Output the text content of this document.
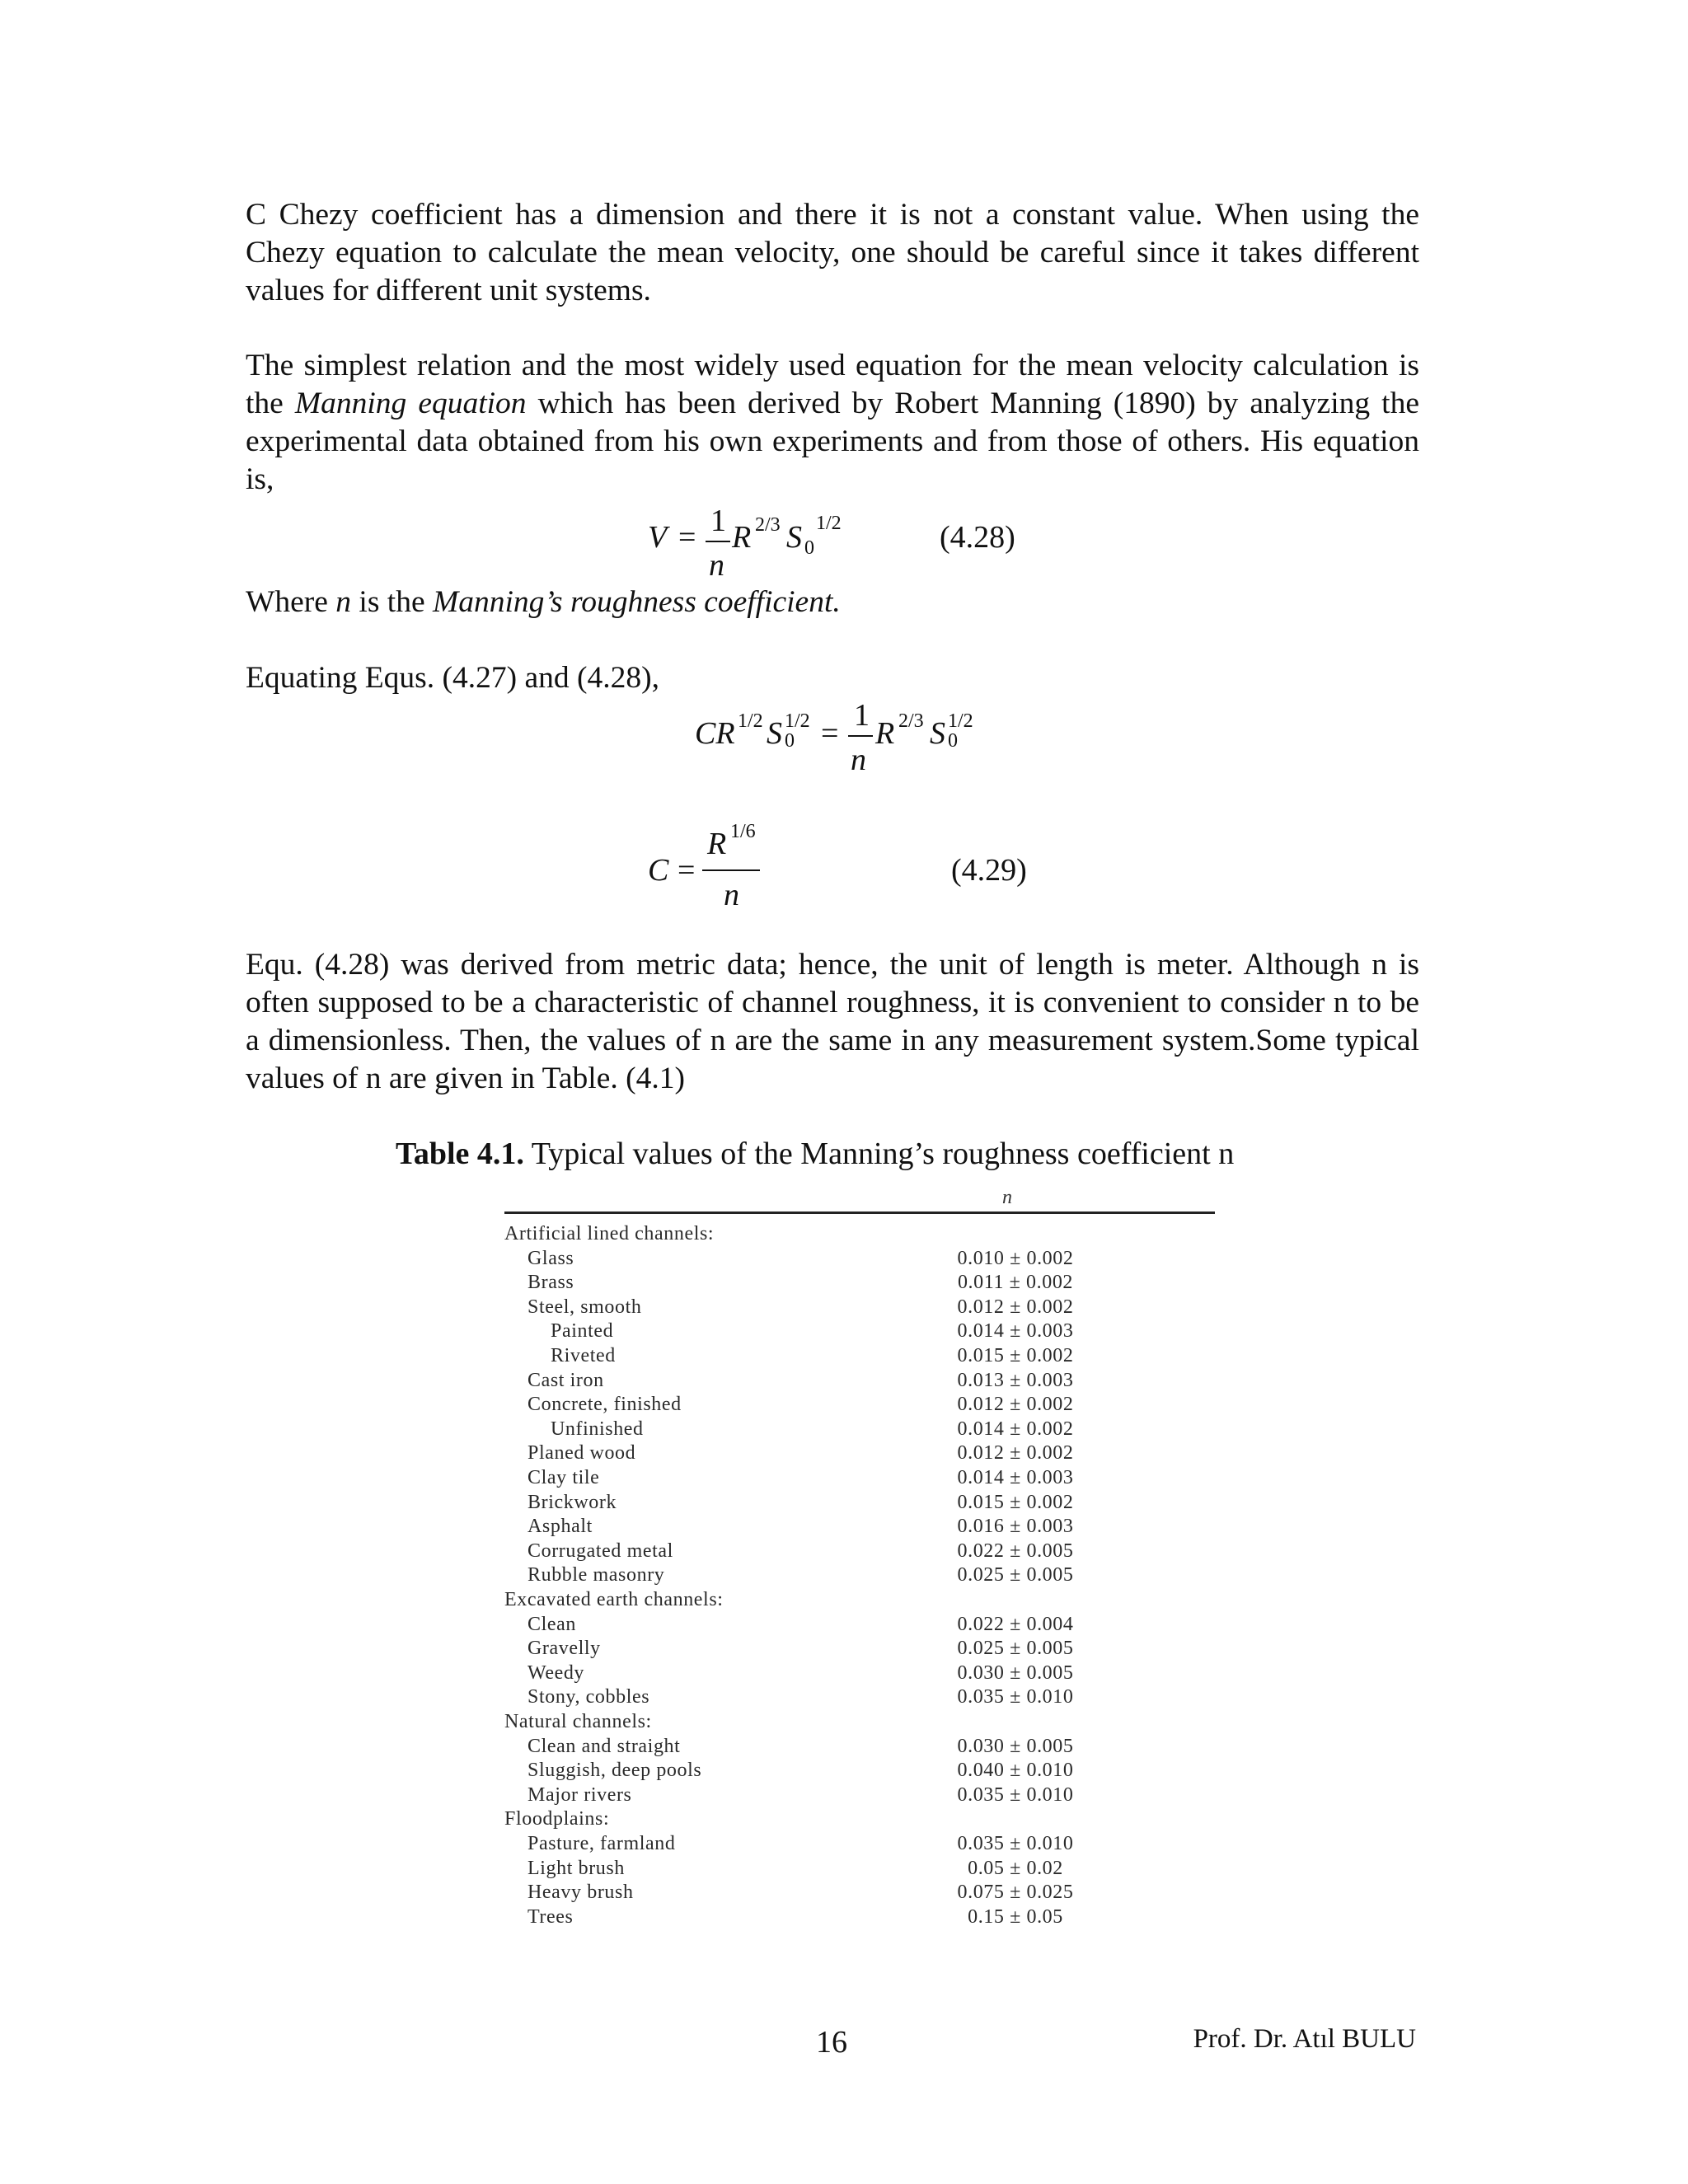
C Chezy coefficient has a dimension and there it is not a constant value. When using the Chezy equation to calculate the mean velocity, one should be careful since it takes different values for different unit systems.

The simplest relation and the most widely used equation for the mean velocity calculation is the Manning equation which has been derived by Robert Manning (1890) by analyzing the experimental data obtained from his own experiments and from those of others. His equation is,

V = 1
n
R 2/3 S 0
1/2	(4.28)

Where n is the Manning’s roughness coefficient.

Equating Equs. (4.27) and (4.28),

CR 1/2 S 1/2
0 =
1
n
R 2/3 S 1/2
0
C =
R 1/6
n
(4.29)

Equ. (4.28) was derived from metric data; hence, the unit of length is meter. Although n is often supposed to be a characteristic of channel roughness, it is convenient to consider n to be a dimensionless. Then, the values of n are the same in any measurement system.Some typical values of n are given in Table. (4.1)

Table 4.1. Typical values of the Manning’s roughness coefficient n
n
Artificial lined channels:
Glass	0.010 ± 0.002
Brass	0.011 ± 0.002
Steel, smooth	0.012 ± 0.002
Painted	0.014 ± 0.003
Riveted	0.015 ± 0.002
Cast iron	0.013 ± 0.003
Concrete, finished	0.012 ± 0.002
Unfinished	0.014 ± 0.002
Planed wood	0.012 ± 0.002
Clay tile	0.014 ± 0.003
Brickwork	0.015 ± 0.002
Asphalt	0.016 ± 0.003
Corrugated metal	0.022 ± 0.005
Rubble masonry	0.025 ± 0.005
Excavated earth channels:
Clean	0.022 ± 0.004
Gravelly	0.025 ± 0.005
Weedy	0.030 ± 0.005
Stony, cobbles	0.035 ± 0.010
Natural channels:
Clean and straight	0.030 ± 0.005
Sluggish, deep pools	0.040 ± 0.010
Major rivers	0.035 ± 0.010
Floodplains:
Pasture, farmland	0.035 ± 0.010
Light brush	0.05 ± 0.02
Heavy brush	0.075 ± 0.025
Trees	0.15 ± 0.05
16	Prof. Dr. Atıl BULU
